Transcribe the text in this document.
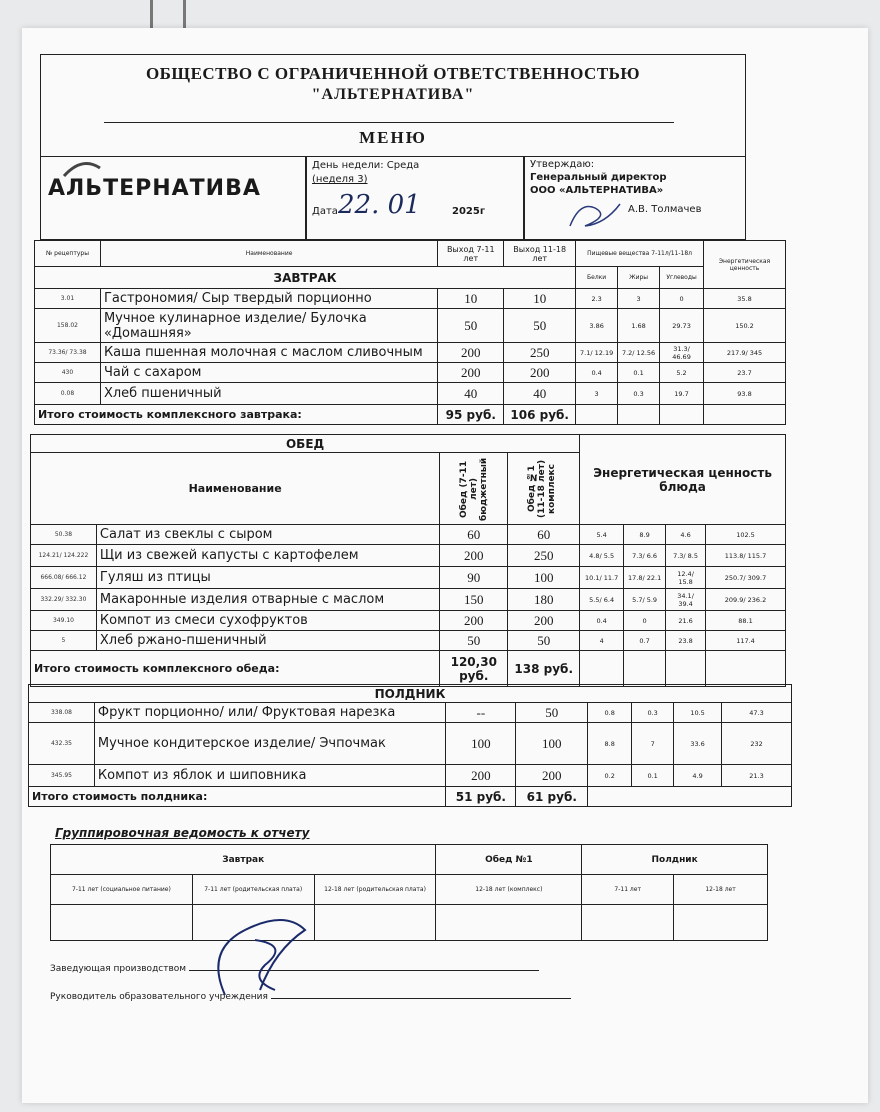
ОБЩЕСТВО С ОГРАНИЧЕННОЙ ОТВЕТСТВЕННОСТЬЮ
"АЛЬТЕРНАТИВА"
МЕНЮ
АЛЬТЕРНАТИВА
День недели: Среда
(неделя 3)
Дата 22. 01	2025г
Утверждаю:
Генеральный директор
ООО «АЛЬТЕРНАТИВА»
А.В. Толмачев
№ рецептуры	Наименование	Выход 7-11 лет	Выход 11-18 лет	Пищевые вещества 7-11л/11-18л			Энергетическая ценность
ЗАВТРАК				Белки	Жиры	Углеводы	
3.01	Гастрономия/ Сыр твердый порционно	10	10	2.3	3	0	35.8
158.02	Мучное кулинарное изделие/ Булочка «Домашняя»	50	50	3.86	1.68	29.73	150.2
73.36/ 73.38	Каша пшенная молочная с маслом сливочным	200	250	7.1/ 12.19	7.2/ 12.56	31.3/ 46.69	217.9/ 345
430	Чай с сахаром	200	200	0.4	0.1	5.2	23.7
0.08	Хлеб пшеничный	40	40	3	0.3	19.7	93.8
Итого стоимость комплексного завтрака:		95 руб.	106 руб.				
ОБЕД				Энергетическая ценность блюда			
Наименование		Обед (7-11 лет) бюджетный	Обед №1 (11-18 лет) комплекс				

50.38	Салат из свеклы с сыром	60	60	5.4	8.9	4.6	102.5
124.21/ 124.222	Щи из свежей капусты с картофелем	200	250	4.8/ 5.5	7.3/ 6.6	7.3/ 8.5	113.8/ 115.7
666.08/ 666.12	Гуляш из птицы	90	100	10.1/ 11.7	17.8/ 22.1	12.4/ 15.8	250.7/ 309.7
332.29/ 332.30	Макаронные изделия отварные с маслом	150	180	5.5/ 6.4	5.7/ 5.9	34.1/ 39.4	209.9/ 236.2
349.10	Компот из смеси сухофруктов	200	200	0.4	0	21.6	88.1
5	Хлеб ржано-пшеничный	50	50	4	0.7	23.8	117.4
Итого стоимость комплексного обеда:		120,30 руб.	138 руб.				
ПОЛДНИК							
338.08	Фрукт порционно/ или/ Фруктовая нарезка	--	50	0.8	0.3	10.5	47.3
432.35	Мучное кондитерское изделие/ Эчпочмак	100	100	8.8	7	33.6	232
345.95	Компот из яблок и шиповника	200	200	0.2	0.1	4.9	21.3
Итого стоимость полдника:		51 руб.	61 руб.				
Группировочная ведомость к отчету
Завтрак			Обед №1	Полдник	
7-11 лет (социальное питание)	7-11 лет (родительская плата)	12-18 лет (родительская плата)	12-18 лет (комплекс)	7-11 лет	12-18 лет

Заведующая производством
Руководитель образовательного учреждения
